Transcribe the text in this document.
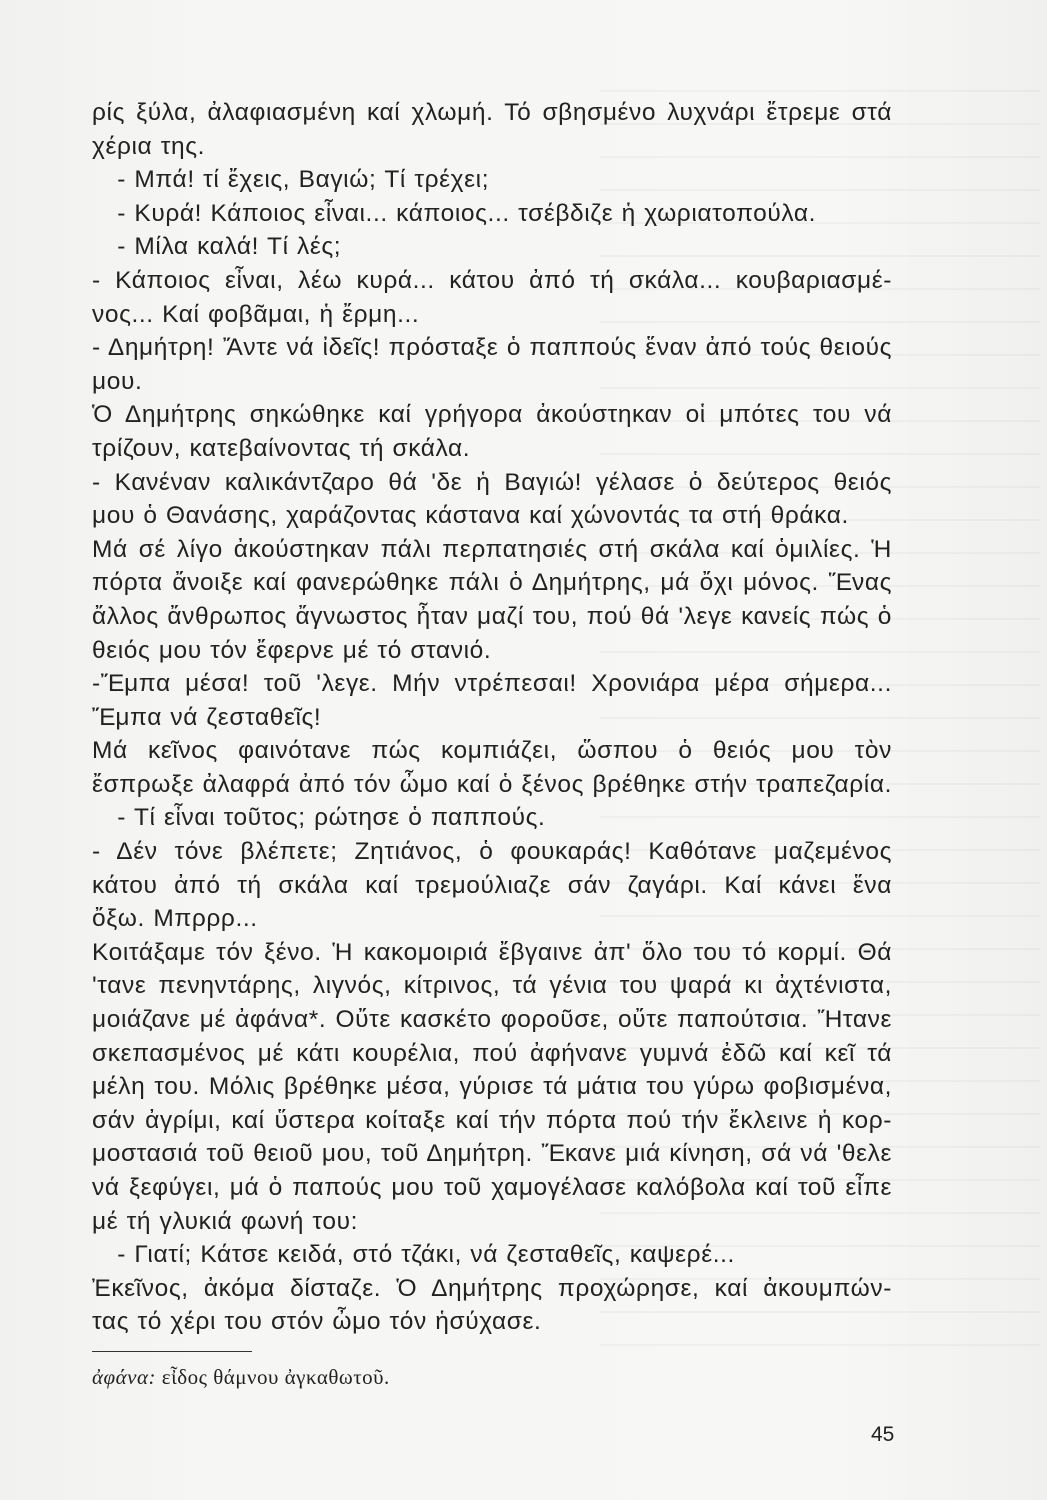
ρίς ξύλα, ἀλαφιασμένη καί χλωμή. Τό σβησμένο λυχνάρι ἔτρεμε στά
χέρια της.
- Μπά! τί ἔχεις, Βαγιώ; Τί τρέχει;
- Κυρά! Κάποιος εἶναι... κάποιος... τσέβδιζε ἡ χωριατοπούλα.
- Μίλα καλά! Τί λές;
- Κάποιος εἶναι, λέω κυρά... κάτου ἀπό τή σκάλα... κουβαριασμέ-
νος... Καί φοβᾶμαι, ἡ ἔρμη...
- Δημήτρη! Ἄντε νά ἰδεῖς! πρόσταξε ὁ παππούς ἕναν ἀπό τούς θειούς
μου.
Ὁ Δημήτρης σηκώθηκε καί γρήγορα ἀκούστηκαν οἱ μπότες του νά
τρίζουν, κατεβαίνοντας τή σκάλα.
- Κανέναν καλικάντζαρο θά 'δε ἡ Βαγιώ! γέλασε ὁ δεύτερος θειός
μου ὁ Θανάσης, χαράζοντας κάστανα καί χώνοντάς τα στή θράκα.
Μά σέ λίγο ἀκούστηκαν πάλι περπατησιές στή σκάλα καί ὁμιλίες. Ἡ
πόρτα ἄνοιξε καί φανερώθηκε πάλι ὁ Δημήτρης, μά ὄχι μόνος. Ἕνας
ἄλλος ἄνθρωπος ἄγνωστος ἦταν μαζί του, πού θά 'λεγε κανείς πώς ὁ
θειός μου τόν ἔφερνε μέ τό στανιό.
-Ἔμπα μέσα! τοῦ 'λεγε. Μήν ντρέπεσαι! Χρονιάρα μέρα σήμερα...
Ἔμπα νά ζεσταθεῖς!
Μά κεῖνος φαινότανε πώς κομπιάζει, ὥσπου ὁ θειός μου τὸν
ἔσπρωξε ἀλαφρά ἀπό τόν ὦμο καί ὁ ξένος βρέθηκε στήν τραπεζαρία.
- Τί εἶναι τοῦτος; ρώτησε ὁ παππούς.
- Δέν τόνε βλέπετε; Ζητιάνος, ὁ φουκαράς! Καθότανε μαζεμένος
κάτου ἀπό τή σκάλα καί τρεμούλιαζε σάν ζαγάρι. Καί κάνει ἕνα
ὄξω. Μπρρρ...
Κοιτάξαμε τόν ξένο. Ἡ κακομοιριά ἔβγαινε ἀπ' ὅλο του τό κορμί. Θά
'τανε πενηντάρης, λιγνός, κίτρινος, τά γένια του ψαρά κι ἀχτένιστα,
μοιάζανε μέ ἀφάνα*. Οὔτε κασκέτο φοροῦσε, οὔτε παπούτσια. Ἤτανε
σκεπασμένος μέ κάτι κουρέλια, πού ἀφήνανε γυμνά ἐδῶ καί κεῖ τά
μέλη του. Μόλις βρέθηκε μέσα, γύρισε τά μάτια του γύρω φοβισμένα,
σάν ἀγρίμι, καί ὕστερα κοίταξε καί τήν πόρτα πού τήν ἔκλεινε ἡ κορ-
μοστασιά τοῦ θειοῦ μου, τοῦ Δημήτρη. Ἔκανε μιά κίνηση, σά νά 'θελε
νά ξεφύγει, μά ὁ παπούς μου τοῦ χαμογέλασε καλόβολα καί τοῦ εἶπε
μέ τή γλυκιά φωνή του:
- Γιατί; Κάτσε κειδά, στό τζάκι, νά ζεσταθεῖς, καψερέ...
Ἐκεῖνος, ἀκόμα δίσταζε. Ὁ Δημήτρης προχώρησε, καί ἀκουμπών-
τας τό χέρι του στόν ὦμο τόν ἡσύχασε.
ἀφάνα: εἶδος θάμνου ἀγκαθωτοῦ.
45
